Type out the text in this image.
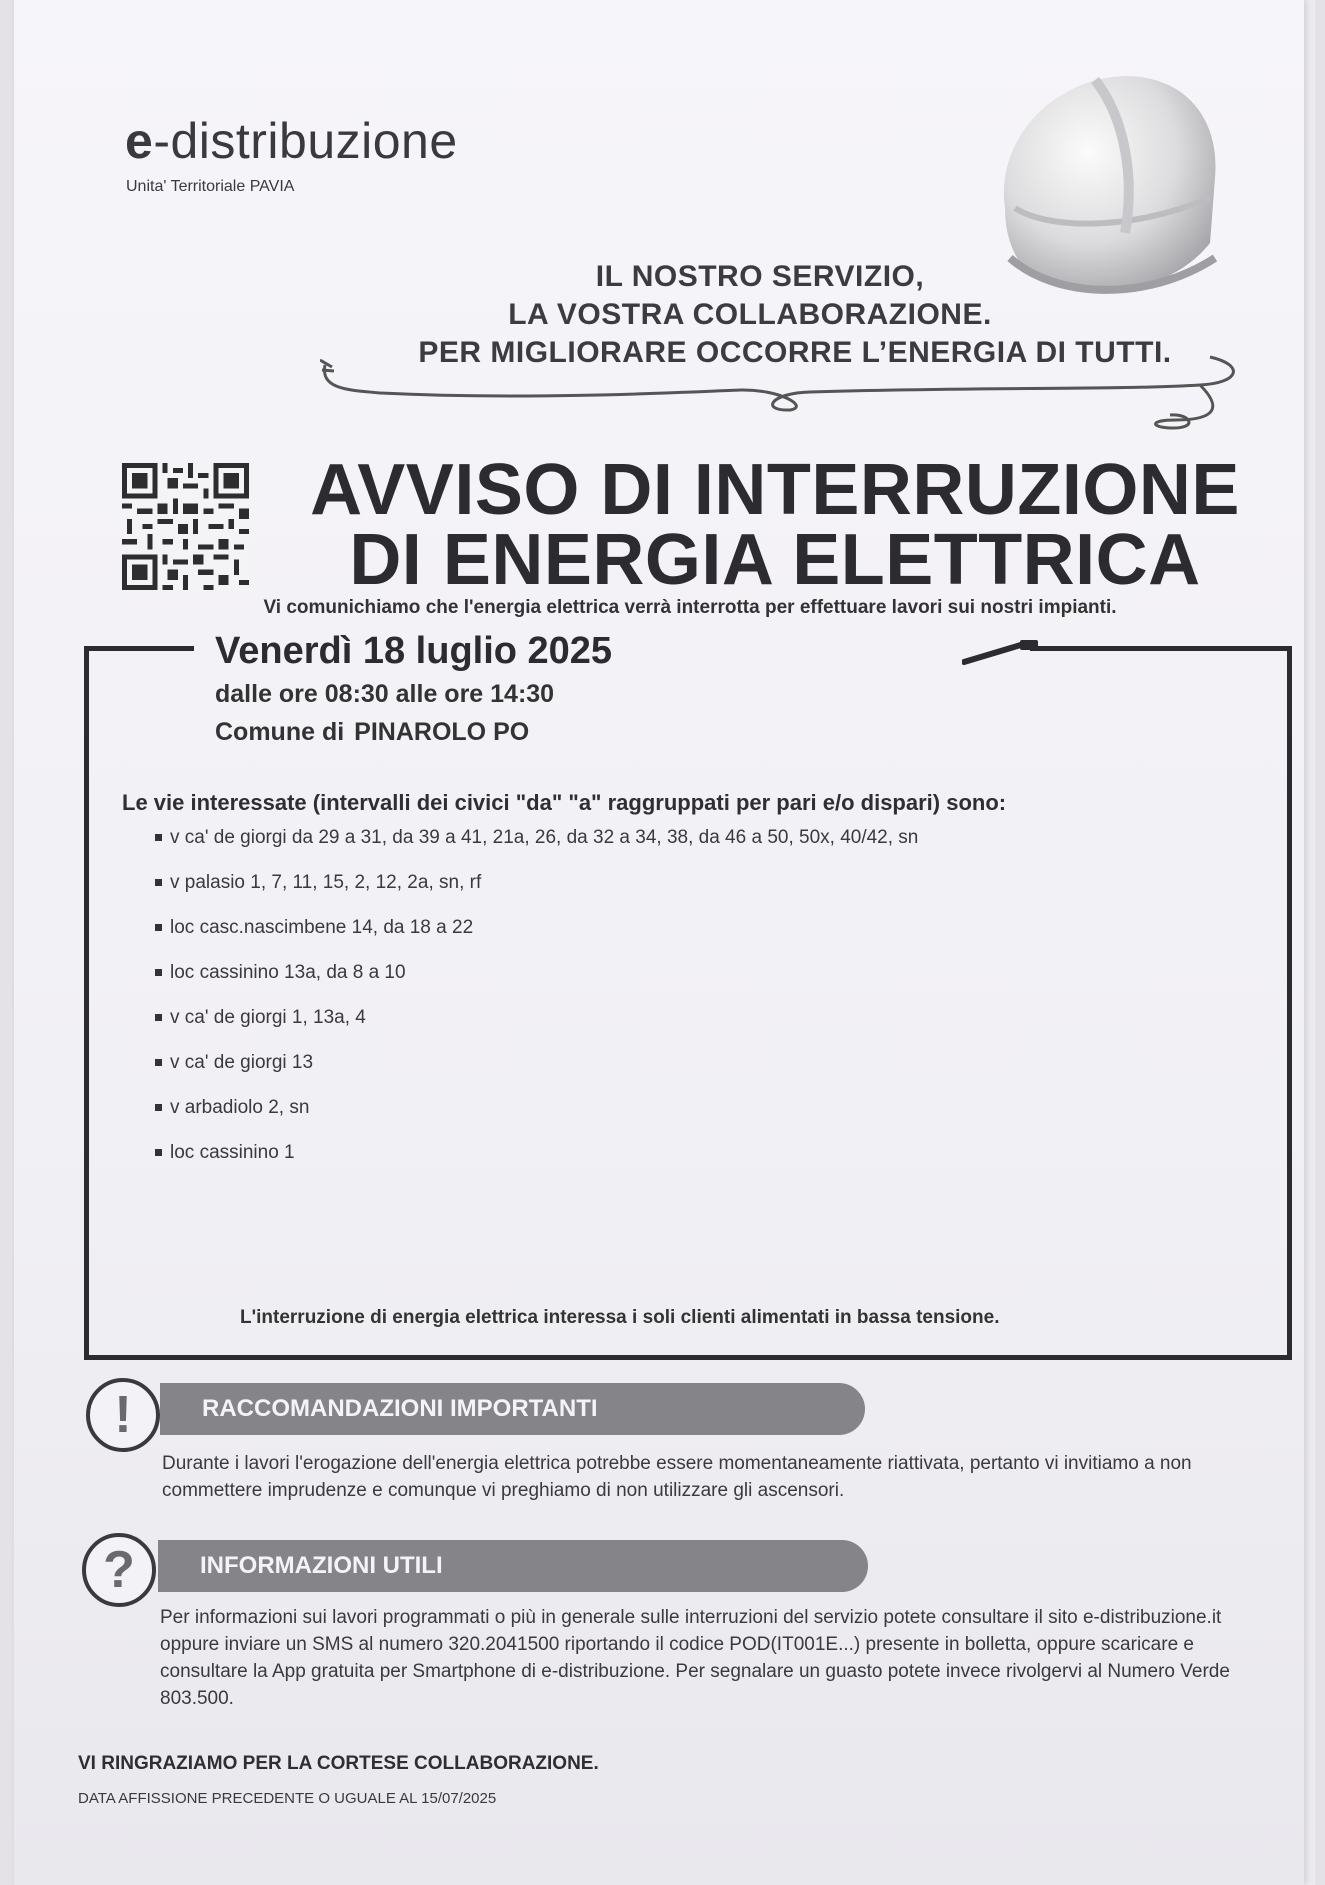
e-distribuzione
Unita' Territoriale PAVIA
IL NOSTRO SERVIZIO,
LA VOSTRA COLLABORAZIONE.
PER MIGLIORARE OCCORRE L’ENERGIA DI TUTTI.
AVVISO DI INTERRUZIONE
DI ENERGIA ELETTRICA
Vi comunichiamo che l'energia elettrica verrà interrotta per effettuare lavori sui nostri impianti.
Venerdì 18 luglio 2025
dalle ore 08:30 alle ore 14:30
Comune di PINAROLO PO
Le vie interessate (intervalli dei civici "da" "a" raggruppati per pari e/o dispari) sono:
v ca' de giorgi da 29 a 31, da 39 a 41, 21a, 26, da 32 a 34, 38, da 46 a 50, 50x, 40/42, sn
v palasio 1, 7, 11, 15, 2, 12, 2a, sn, rf
loc casc.nascimbene 14, da 18 a 22
loc cassinino 13a, da 8 a 10
v ca' de giorgi 1, 13a, 4
v ca' de giorgi 13
v arbadiolo 2, sn
loc cassinino 1
L'interruzione di energia elettrica interessa i soli clienti alimentati in bassa tensione.
!	RACCOMANDAZIONI IMPORTANTI
Durante i lavori l'erogazione dell'energia elettrica potrebbe essere momentaneamente riattivata, pertanto vi invitiamo a non commettere imprudenze e comunque vi preghiamo di non utilizzare gli ascensori.
?	INFORMAZIONI UTILI
Per informazioni sui lavori programmati o più in generale sulle interruzioni del servizio potete consultare il sito e-distribuzione.it oppure inviare un SMS al numero 320.2041500 riportando il codice POD(IT001E...) presente in bolletta, oppure scaricare e consultare la App gratuita per Smartphone di e-distribuzione. Per segnalare un guasto potete invece rivolgervi al Numero Verde 803.500.
VI RINGRAZIAMO PER LA CORTESE COLLABORAZIONE.
DATA AFFISSIONE PRECEDENTE O UGUALE AL 15/07/2025
